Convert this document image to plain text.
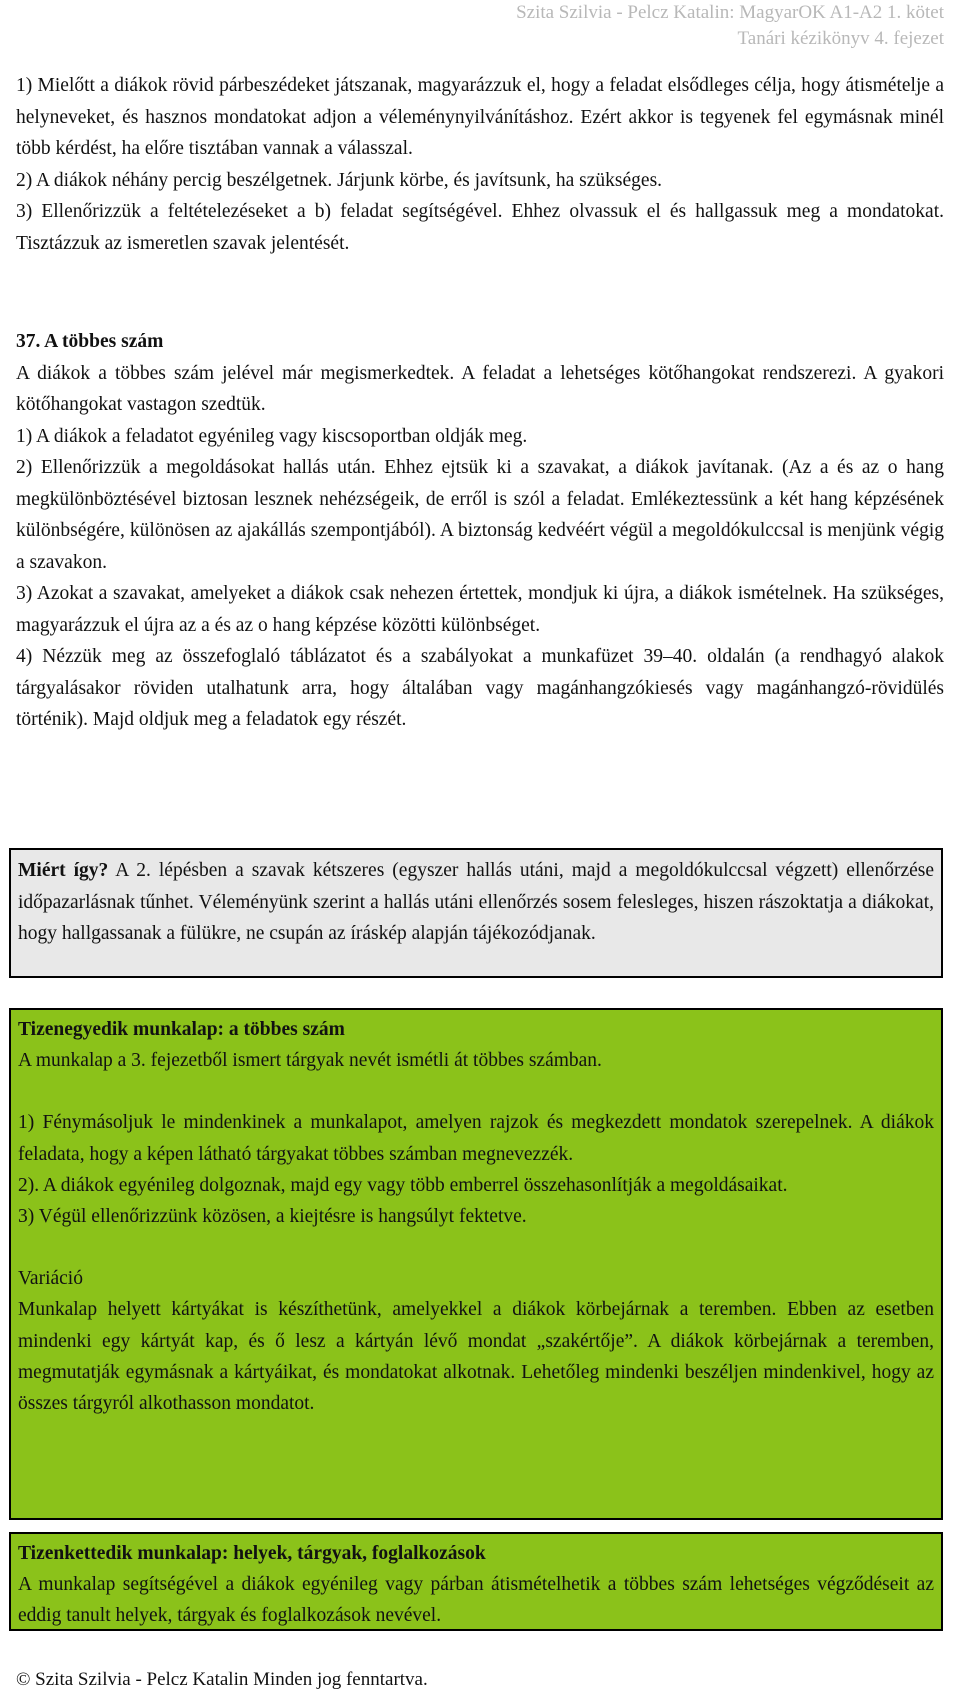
Szita Szilvia - Pelcz Katalin: MagyarOK A1-A2 1. kötet
Tanári kézikönyv 4. fejezet
1) Mielőtt a diákok rövid párbeszédeket játszanak, magyarázzuk el, hogy a feladat elsődleges célja, hogy átismételje a helyneveket, és hasznos mondatokat adjon a véleménynyilvánításhoz. Ezért akkor is tegyenek fel egymásnak minél több kérdést, ha előre tisztában vannak a válasszal.
2) A diákok néhány percig beszélgetnek. Járjunk körbe, és javítsunk, ha szükséges.
3) Ellenőrizzük a feltételezéseket a b) feladat segítségével. Ehhez olvassuk el és hallgassuk meg a mondatokat. Tisztázzuk az ismeretlen szavak jelentését.
37. A többes szám
A diákok a többes szám jelével már megismerkedtek. A feladat a lehetséges kötőhangokat rendszerezi. A gyakori kötőhangokat vastagon szedtük.
1) A diákok a feladatot egyénileg vagy kiscsoportban oldják meg.
2) Ellenőrizzük a megoldásokat hallás után. Ehhez ejtsük ki a szavakat, a diákok javítanak. (Az a és az o hang megkülönböztésével biztosan lesznek nehézségeik, de erről is szól a feladat. Emlékeztessünk a két hang képzésének különbségére, különösen az ajakállás szempontjából). A biztonság kedvéért végül a megoldókulccsal is menjünk végig a szavakon.
3) Azokat a szavakat, amelyeket a diákok csak nehezen értettek, mondjuk ki újra, a diákok ismételnek. Ha szükséges, magyarázzuk el újra az a és az o hang képzése közötti különbséget.
4) Nézzük meg az összefoglaló táblázatot és a szabályokat a munkafüzet 39–40. oldalán (a rendhagyó alakok tárgyalásakor röviden utalhatunk arra, hogy általában vagy magánhangzókiesés vagy magánhangzó-rövidülés történik). Majd oldjuk meg a feladatok egy részét.
Miért így? A 2. lépésben a szavak kétszeres (egyszer hallás utáni, majd a megoldókulccsal végzett) ellenőrzése időpazarlásnak tűnhet. Véleményünk szerint a hallás utáni ellenőrzés sosem felesleges, hiszen rászoktatja a diákokat, hogy hallgassanak a fülükre, ne csupán az íráskép alapján tájékozódjanak.
Tizenegyedik munkalap: a többes szám
A munkalap a 3. fejezetből ismert tárgyak nevét ismétli át többes számban.
1) Fénymásoljuk le mindenkinek a munkalapot, amelyen rajzok és megkezdett mondatok szerepelnek. A diákok feladata, hogy a képen látható tárgyakat többes számban megnevezzék.
2). A diákok egyénileg dolgoznak, majd egy vagy több emberrel összehasonlítják a megoldásaikat.
3) Végül ellenőrizzünk közösen, a kiejtésre is hangsúlyt fektetve.
Variáció
Munkalap helyett kártyákat is készíthetünk, amelyekkel a diákok körbejárnak a teremben. Ebben az esetben mindenki egy kártyát kap, és ő lesz a kártyán lévő mondat „szakértője”. A diákok körbejárnak a teremben, megmutatják egymásnak a kártyáikat, és mondatokat alkotnak. Lehetőleg mindenki beszéljen mindenkivel, hogy az összes tárgyról alkothasson mondatot.
Tizenkettedik munkalap: helyek, tárgyak, foglalkozások
A munkalap segítségével a diákok egyénileg vagy párban átismételhetik a többes szám lehetséges végződéseit az eddig tanult helyek, tárgyak és foglalkozások nevével.
© Szita Szilvia - Pelcz Katalin Minden jog fenntartva.
